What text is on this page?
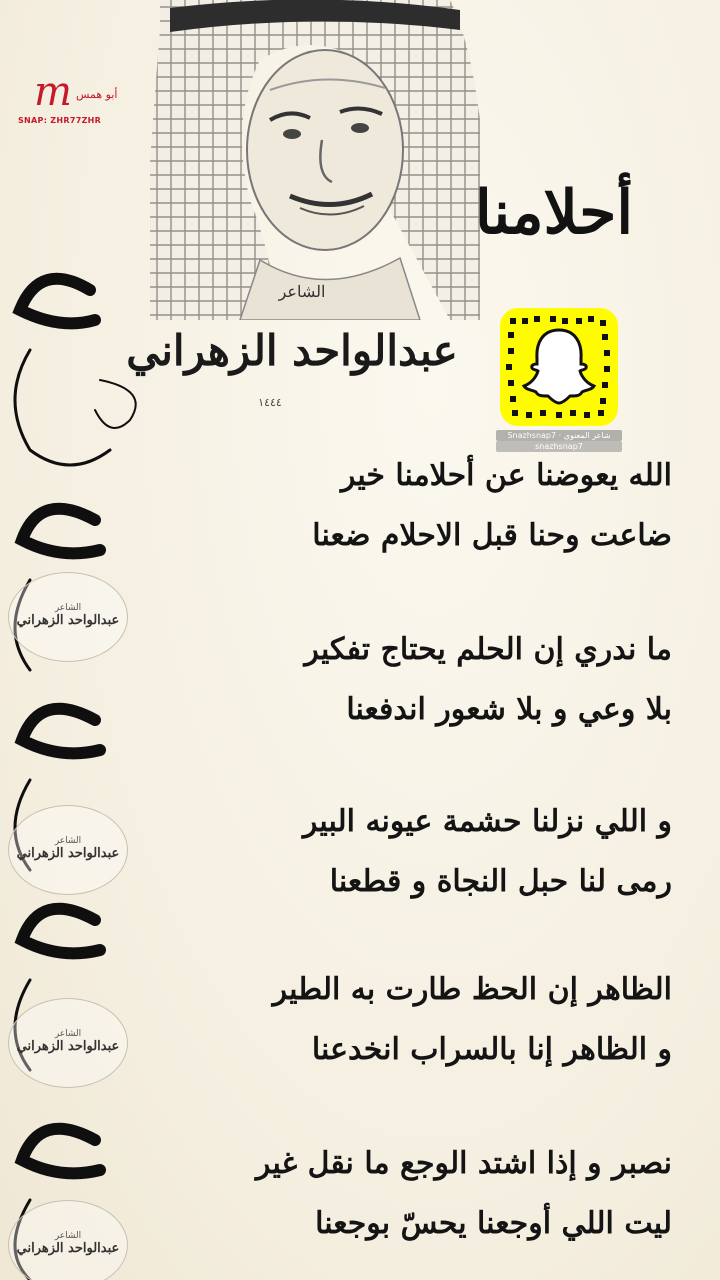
m أبو همس
SNAP: ZHR77ZHR
الشاعر
عبدالواحد الزهراني
الشاعر
عبدالواحد الزهراني
الشاعر
عبدالواحد الزهراني
الشاعر
عبدالواحد الزهراني
أحلامنا
الشاعر
عبدالواحد الزهراني
١٤٤٤
Snazhsnap7 · شاعر المعنوي
snazhsnap7
الله يعوضنا عن أحلامنا خير
ضاعت وحنا قبل الاحلام ضعنا
ما ندري إن الحلم يحتاج تفكير
بلا وعي و بلا شعور اندفعنا
و اللي نزلنا حشمة عيونه البير
رمى لنا حبل النجاة و قطعنا
الظاهر إن الحظ طارت به الطير
و الظاهر إنا بالسراب انخدعنا
نصبر و إذا اشتد الوجع ما نقل غير
ليت اللي أوجعنا يحسّ بوجعنا
